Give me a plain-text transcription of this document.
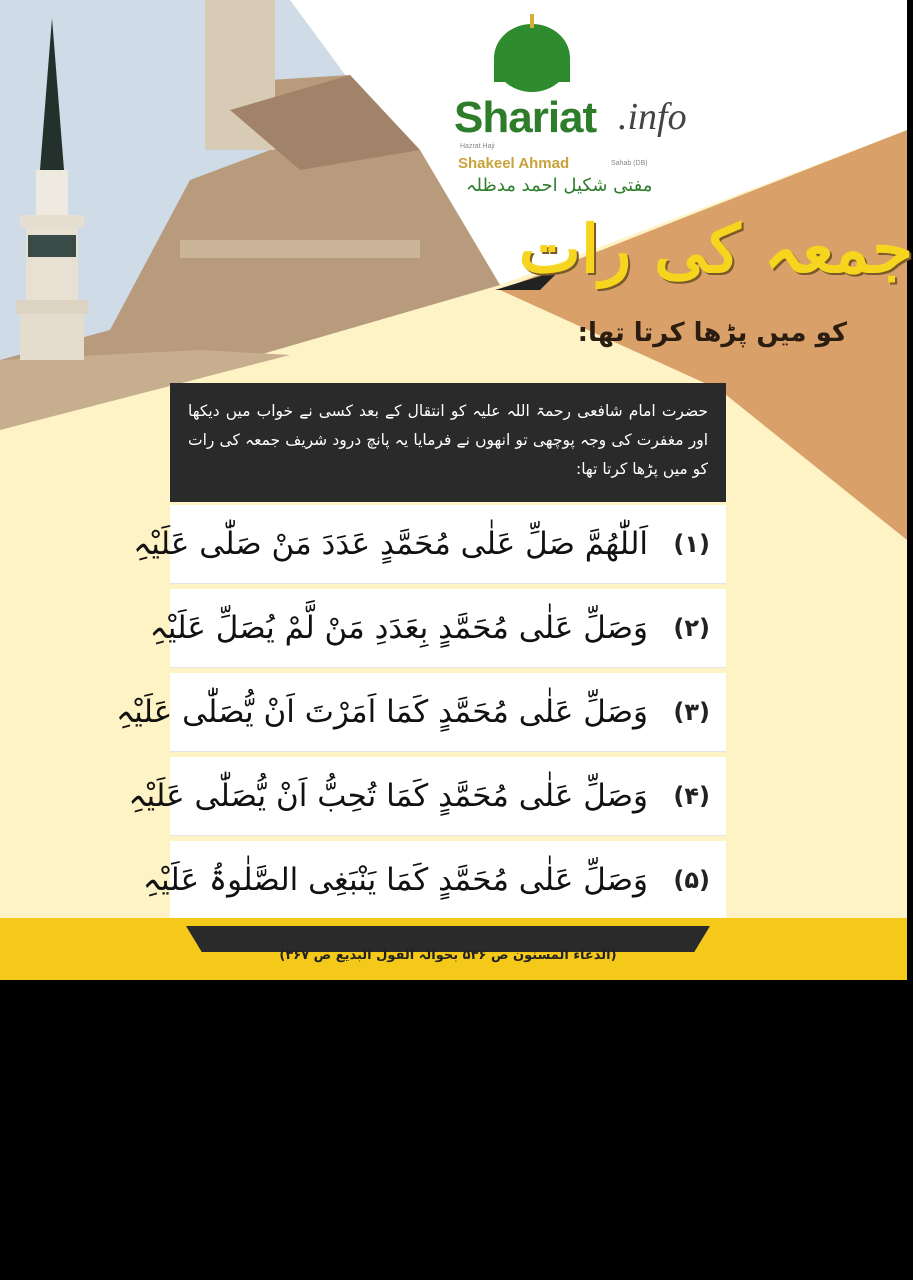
Shariat .info
Hazrat Haji
Shakeel Ahmad	Sahab (DB)
مفتی شکیل احمد مدظلہ
جمعہ کی رات
کو میں پڑھا کرتا تھا:
حضرت امام شافعی رحمۃ اللہ علیہ کو انتقال کے بعد کسی نے خواب میں دیکھا اور مغفرت کی وجہ پوچھی تو انھوں نے فرمایا یہ پانچ درود شریف جمعہ کی رات کو میں پڑھا کرتا تھا:
(۱)
اَللّٰھُمَّ صَلِّ عَلٰی مُحَمَّدٍ عَدَدَ مَنْ صَلّٰی عَلَیْہِ
(۲)
وَصَلِّ عَلٰی مُحَمَّدٍ بِعَدَدِ مَنْ لَّمْ یُصَلِّ عَلَیْہِ
(۳)
وَصَلِّ عَلٰی مُحَمَّدٍ کَمَا اَمَرْتَ اَنْ یُّصَلّٰی عَلَیْہِ
(۴)
وَصَلِّ عَلٰی مُحَمَّدٍ کَمَا تُحِبُّ اَنْ یُّصَلّٰی عَلَیْہِ
(۵)
وَصَلِّ عَلٰی مُحَمَّدٍ کَمَا یَنْبَغِی الصَّلٰوۃُ عَلَیْہِ
(الدعاء المسنون ص ۵۳۶ بحوالہ القول البدیع ص ۳۶۷)
